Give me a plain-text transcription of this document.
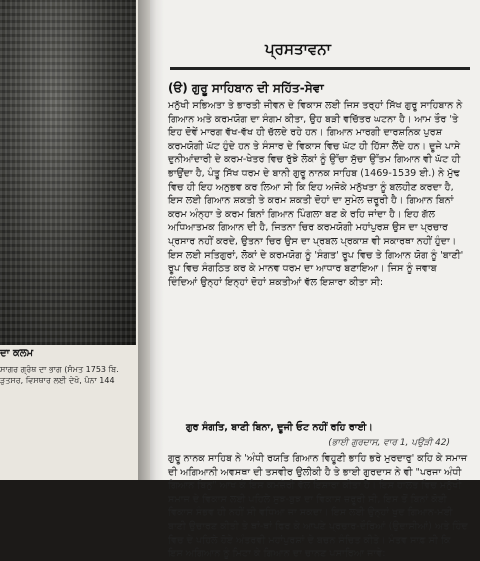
ਦਾ ਕਲਮ
ਸਾਗਰ ਗ੍ਰੰਥ ਦਾ ਭਾਗ (ਸੰਮਤ 1753 ਬਿ.
ੜੁਤਸਰ, ਵਿਸਥਾਰ ਲਈ ਦੇਖੋ, ਪੰਨਾ 144
ਪ੍ਰਸਤਾਵਨਾ
(ੳ) ਗੁਰੂ ਸਾਹਿਬਾਨ ਦੀ ਸਹਿੱਤ-ਸੇਵਾ
ਮਨੁੱਖੀ ਸਭਿਅਤਾ ਤੇ ਭਾਰਤੀ ਜੀਵਨ ਦੇ ਵਿਕਾਸ ਲਈ ਜਿਸ ਤਰ੍ਹਾਂ ਸਿੱਖ ਗੁਰੂ ਸਾਹਿਬਾਨ ਨੇ ਗਿਆਨ ਅਤੇ ਕਰਮਯੋਗ ਦਾ ਸੰਗਮ ਕੀਤਾ, ਉਹ ਬੜੀ ਵਚਿੱਤਰ ਘਟਨਾ ਹੈ। ਆਮ ਤੌਰ 'ਤੇ ਇਹ ਦੋਵੇਂ ਮਾਰਗ ਵੱਖ-ਵੱਖ ਹੀ ਚੱਲਦੇ ਰਹੇ ਹਨ। ਗਿਆਨ ਮਾਰਗੀ ਦਾਰਸ਼ਨਿਕ ਪੁਰਸ਼ ਕਰਮਯੋਗੀ ਘੱਟ ਹੁੰਦੇ ਹਨ ਤੇ ਸੰਸਾਰ ਦੇ ਵਿਕਾਸ ਵਿਚ ਘੱਟ ਹੀ ਹਿੱਸਾ ਲੈਂਦੇ ਹਨ। ਦੂਜੇ ਪਾਸੇ ਦੁਨੀਆਂਦਾਰੀ ਦੇ ਕਰਮ-ਖੇਤਰ ਵਿਚ ਰੁੱਝੇ ਲੋਕਾਂ ਨੂੰ ਉੱਚਾ ਸੁੱਚਾ ਉੱਤਮ ਗਿਆਨ ਵੀ ਘੱਟ ਹੀ ਭਾਉਂਦਾ ਹੈ, ਪੰਤੂ ਸਿੱਖ ਧਰਮ ਦੇ ਬਾਨੀ ਗੁਰੂ ਨਾਨਕ ਸਾਹਿਬ (1469-1539 ਈ.) ਨੇ ਮੁੱਢ ਵਿਚ ਹੀ ਇਹ ਅਨੁਭਵ ਕਰ ਲਿਆ ਸੀ ਕਿ ਇਹ ਅਜੋਕੇ ਮਨੁੱਖਤਾ ਨੂੰ ਬਲਹੀਣ ਕਰਦਾ ਹੈ, ਇਸ ਲਈ ਗਿਆਨ ਸ਼ਕਤੀ ਤੇ ਕਰਮ ਸ਼ਕਤੀ ਦੋਹਾਂ ਦਾ ਸੁਮੇਲ ਜ਼ਰੂਰੀ ਹੈ। ਗਿਆਨ ਬਿਨਾਂ ਕਰਮ ਅੰਨ੍ਹਾ ਤੇ ਕਰਮ ਬਿਨਾਂ ਗਿਆਨ ਪਿੰਗਲਾ ਬਣ ਕੇ ਰਹਿ ਜਾਂਦਾ ਹੈ। ਇਹ ਗੱਲ ਅਧਿਆਤਮਕ ਗਿਆਨ ਦੀ ਹੈ, ਜਿਤਨਾ ਚਿਰ ਕਰਮਯੋਗੀ ਮਹਾਂਪੁਰਸ਼ ਉਸ ਦਾ ਪ੍ਰਚਾਰ ਪ੍ਰਸਾਰ ਨਹੀਂ ਕਰਦੇ, ਉਤਨਾ ਚਿਰ ਉਸ ਦਾ ਪ੍ਰਬਲ ਪ੍ਰਕਾਸ਼ ਵੀ ਸਕਾਰਥਾ ਨਹੀਂ ਹੁੰਦਾ। ਇਸ ਲਈ ਸਤਿਗੁਰਾਂ, ਲੋਕਾਂ ਦੇ ਕਰਮਯੋਗ ਨੂੰ 'ਸੰਗਤ' ਰੂਪ ਵਿਚ ਤੇ ਗਿਆਨ ਯੋਗ ਨੂੰ 'ਬਾਣੀ' ਰੂਪ ਵਿਚ ਸੰਗਠਿਤ ਕਰ ਕੇ ਮਾਨਵ ਧਰਮ ਦਾ ਆਧਾਰ ਬਣਾਇਆ। ਜਿਸ ਨੂੰ ਜਵਾਬ ਦਿੰਦਿਆਂ ਉਨ੍ਹਾਂ ਇਨ੍ਹਾਂ ਦੋਹਾਂ ਸ਼ਕਤੀਆਂ ਵੱਲ ਇਸ਼ਾਰਾ ਕੀਤਾ ਸੀ:
ਗੁਰ ਸੰਗਤਿ, ਬਾਣੀ ਬਿਨਾ, ਦੂਜੀ ਓਟ ਨਹੀਂ ਰਹਿ ਰਾਈ।
(ਭਾਈ ਗੁਰਦਾਸ, ਵਾਰ 1, ਪਉੜੀ 42)
ਗੁਰੂ ਨਾਨਕ ਸਾਹਿਬ ਨੇ 'ਅੰਧੀ ਰਯਤਿ ਗਿਆਨ ਵਿਹੂਣੀ ਭਾਹਿ ਭਰੇ ਮੁਰਦਾਰੁ' ਕਹਿ ਕੇ ਸਮਾਜ ਦੀ ਅਗਿਆਨੀ ਅਵਸਥਾ ਦੀ ਤਸਵੀਰ ਉਲੀਕੀ ਹੈ ਤੇ ਭਾਈ ਗੁਰਦਾਸ ਨੇ ਵੀ "ਪਰਜਾ ਅੰਧੀ ਗਿਆਨ ਬਿਨੁ" ਆਖ ਕੇ ਇਸ ਕਮਜ਼ੋਰੀ ਵੱਲ ਇਸ਼ਾਰਾ ਕੀਤਾ ਹੈ। ਇਸ ਹਾਲਤ ਵਿਚ ਮਨੁੱਖੀ ਸਮਾਜ ਦੇ ਵਿਕਾਸ ਲਈ ਪਹਿਲੇ ਸੁਝ-ਬੁਝ ਦਾ ਵਿਕਾਸ ਜ਼ਰੂਰੀ ਸੀ, ਇਸ ਤੋਂ ਬਿਨਾਂ ਕੋਈ ਵਿਕਾਸ ਸੰਭਵ ਹੀ ਨਹੀਂ ਸੀ ਵਧਿਆ ਜਾ ਸਕਦਾ। ਇਸ ਲਈ ਉਨ੍ਹਾਂ ਖੁਦ ਗਿਆਨ-ਮਈ ਬਾਣੀ ਉਚਾਰਣ ਕੀਤੀ ਤੇ ਥਾਂ-ਥਾਂ ਫਿਰ ਕੇ ਆਪਣੇ ਪ੍ਰਚਾਰ-ਦੌਰਿਆਂ (ਉਦਾਸੀਆਂ) ਅਤੇ ਹਿੰਦ ਵਿਚ ਦੇ ਪਹਿਲੇ ਹੋਏ ਅੰਤਰਵੀ ਮਹਾਂਪੁਰਸ਼ਾਂ ਦੇ ਬਚਨ ਸੰਚਿਤ ਕੀਤੇ। ਮੰਤਵ ਸਾਫ਼ ਸੀ ਕਿ ਇਸ ਅਗਿਆਨ ਨੂੰ ਮਿਟਾ ਕੇ ਗਿਆਨ ਦਾ ਚਾਨਣ ਪਸਾਰਿਆ ਜਾਵੇ:
